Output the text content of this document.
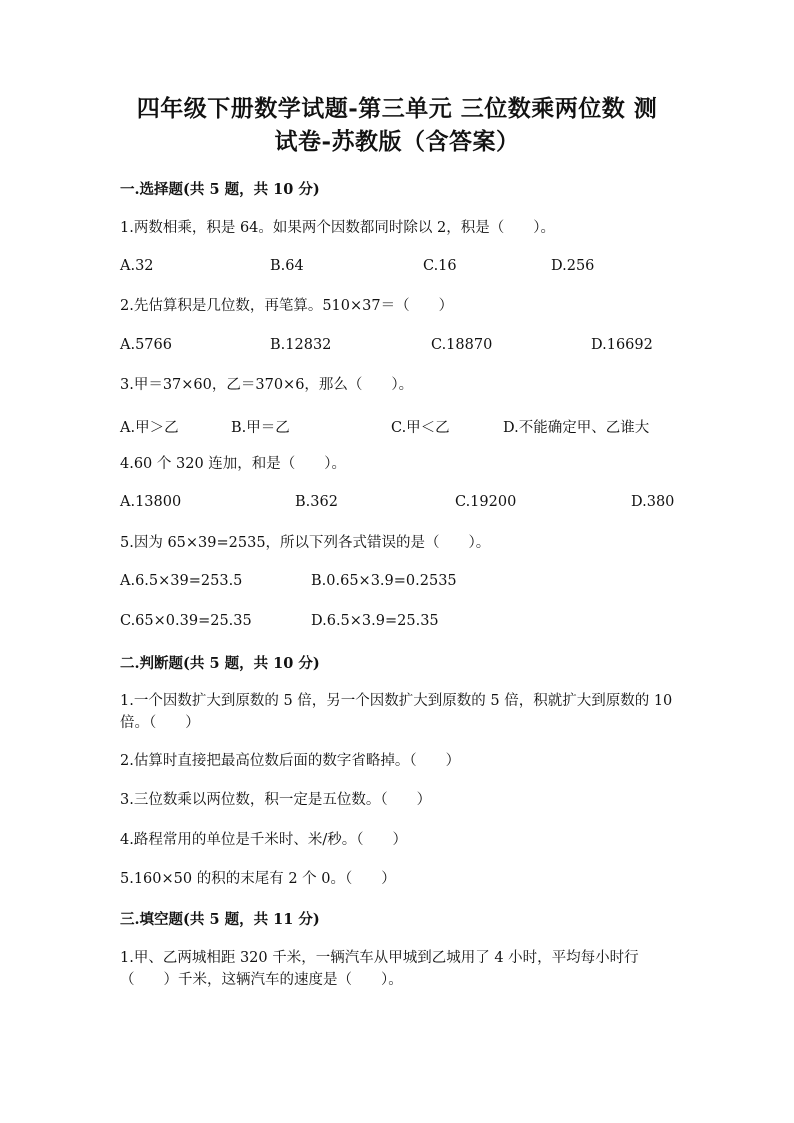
四年级下册数学试题-第三单元 三位数乘两位数 测
试卷-苏教版（含答案）
一.选择题(共 5 题，共 10 分)
1.两数相乘，积是 64。如果两个因数都同时除以 2，积是（　　）。
A.32	B.64	C.16	D.256
2.先估算积是几位数，再笔算。510×37＝（　　）
A.5766	B.12832	C.18870	D.16692
3.甲＝37×60，乙＝370×6，那么（　　）。
A.甲＞乙	B.甲＝乙	C.甲＜乙	D.不能确定甲、乙谁大
4.60 个 320 连加，和是（　　）。
A.13800	B.362	C.19200	D.380
5.因为 65×39=2535，所以下列各式错误的是（　　）。
A.6.5×39=253.5	B.0.65×3.9=0.2535
C.65×0.39=25.35	D.6.5×3.9=25.35
二.判断题(共 5 题，共 10 分)
1.一个因数扩大到原数的 5 倍，另一个因数扩大到原数的 5 倍，积就扩大到原数的 10 倍。（　　）
2.估算时直接把最高位数后面的数字省略掉。（　　）
3.三位数乘以两位数，积一定是五位数。（　　）
4.路程常用的单位是千米时、米/秒。（　　）
5.160×50 的积的末尾有 2 个 0。（　　）
三.填空题(共 5 题，共 11 分)
1.甲、乙两城相距 320 千米，一辆汽车从甲城到乙城用了 4 小时，平均每小时行（　　）千米，这辆汽车的速度是（　　）。
